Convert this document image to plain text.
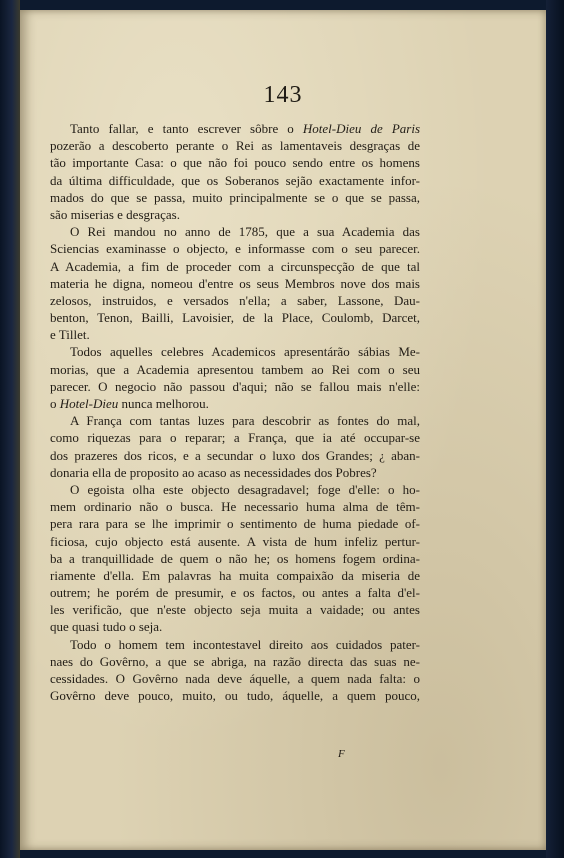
143
Tanto fallar, e tanto escrever sôbre o Hotel-Dieu de Paris
pozerão a descoberto perante o Rei as lamentaveis desgraças de
tão importante Casa: o que não foi pouco sendo entre os homens
da última difficuldade, que os Soberanos sejão exactamente infor-
mados do que se passa, muito principalmente se o que se passa,
são miserias e desgraças.
O Rei mandou no anno de 1785, que a sua Academia das
Sciencias examinasse o objecto, e informasse com o seu parecer.
A Academia, a fim de proceder com a circunspecção de que tal
materia he digna, nomeou d'entre os seus Membros nove dos mais
zelosos, instruidos, e versados n'ella; a saber, Lassone, Dau-
benton, Tenon, Bailli, Lavoisier, de la Place, Coulomb, Darcet,
e Tillet.
Todos aquelles celebres Academicos apresentárão sábias Me-
morias, que a Academia apresentou tambem ao Rei com o seu
parecer. O negocio não passou d'aqui; não se fallou mais n'elle:
o Hotel-Dieu nunca melhorou.
A França com tantas luzes para descobrir as fontes do mal,
como riquezas para o reparar; a França, que ia até occupar-se
dos prazeres dos ricos, e a secundar o luxo dos Grandes; ¿ aban-
donaria ella de proposito ao acaso as necessidades dos Pobres?
O egoista olha este objecto desagradavel; foge d'elle: o ho-
mem ordinario não o busca. He necessario huma alma de têm-
pera rara para se lhe imprimir o sentimento de huma piedade of-
ficiosa, cujo objecto está ausente. A vista de hum infeliz pertur-
ba a tranquillidade de quem o não he; os homens fogem ordina-
riamente d'ella. Em palavras ha muita compaixão da miseria de
outrem; he porém de presumir, e os factos, ou antes a falta d'el-
les verificão, que n'este objecto seja muita a vaidade; ou antes
que quasi tudo o seja.
Todo o homem tem incontestavel direito aos cuidados pater-
naes do Govêrno, a que se abriga, na razão directa das suas ne-
cessidades. O Govêrno nada deve áquelle, a quem nada falta: o
Govêrno deve pouco, muito, ou tudo, áquelle, a quem pouco,
F
